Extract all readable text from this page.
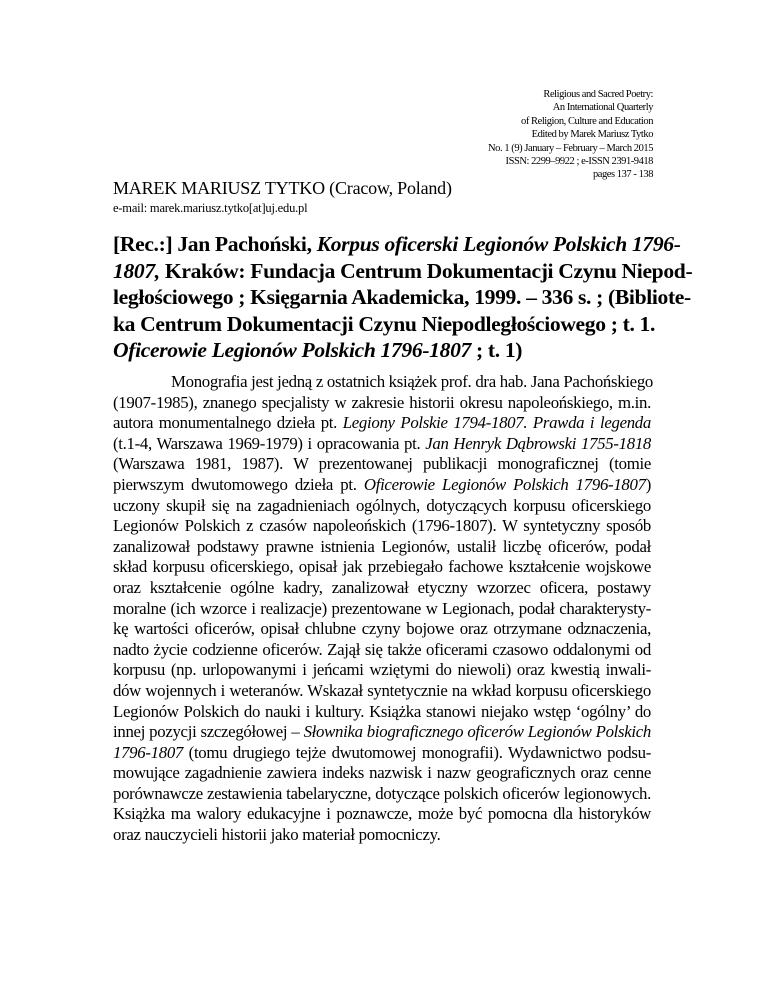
Religious and Sacred Poetry:
An International Quarterly
of Religion, Culture and Education
Edited by Marek Mariusz Tytko
No. 1 (9) January – February – March 2015
ISSN: 2299–9922 ; e-ISSN 2391-9418
pages 137 - 138
MAREK MARIUSZ TYTKO (Cracow, Poland)
e-mail: marek.mariusz.tytko[at]uj.edu.pl
[Rec.:] Jan Pachoński, Korpus oficerski Legionów Polskich 1796-
1807, Kraków: Fundacja Centrum Dokumentacji Czynu Niepod-
ległościowego ; Księgarnia Akademicka, 1999. – 336 s. ; (Bibliote-
ka Centrum Dokumentacji Czynu Niepodległościowego ; t. 1.
Oficerowie Legionów Polskich 1796-1807 ; t. 1)
Monografia jest jedną z ostatnich książek prof. dra hab. Jana Pachońskiego
(1907-1985), znanego specjalisty w zakresie historii okresu napoleońskiego, m.in.
autora monumentalnego dzieła pt. Legiony Polskie 1794-1807. Prawda i legenda
(t.1-4, Warszawa 1969-1979) i opracowania pt. Jan Henryk Dąbrowski 1755-1818
(Warszawa 1981, 1987). W prezentowanej publikacji monograficznej (tomie
pierwszym dwutomowego dzieła pt. Oficerowie Legionów Polskich 1796-1807)
uczony skupił się na zagadnieniach ogólnych, dotyczących korpusu oficerskiego
Legionów Polskich z czasów napoleońskich (1796-1807). W syntetyczny sposób
zanalizował podstawy prawne istnienia Legionów, ustalił liczbę oficerów, podał
skład korpusu oficerskiego, opisał jak przebiegało fachowe kształcenie wojskowe
oraz kształcenie ogólne kadry, zanalizował etyczny wzorzec oficera, postawy
moralne (ich wzorce i realizacje) prezentowane w Legionach, podał charakterysty-
kę wartości oficerów, opisał chlubne czyny bojowe oraz otrzymane odznaczenia,
nadto życie codzienne oficerów. Zajął się także oficerami czasowo oddalonymi od
korpusu (np. urlopowanymi i jeńcami wziętymi do niewoli) oraz kwestią inwali-
dów wojennych i weteranów. Wskazał syntetycznie na wkład korpusu oficerskiego
Legionów Polskich do nauki i kultury. Książka stanowi niejako wstęp ‘ogólny’ do
innej pozycji szczegółowej – Słownika biograficznego oficerów Legionów Polskich
1796-1807 (tomu drugiego tejże dwutomowej monografii). Wydawnictwo podsu-
mowujące zagadnienie zawiera indeks nazwisk i nazw geograficznych oraz cenne
porównawcze zestawienia tabelaryczne, dotyczące polskich oficerów legionowych.
Książka ma walory edukacyjne i poznawcze, może być pomocna dla historyków
oraz nauczycieli historii jako materiał pomocniczy.
